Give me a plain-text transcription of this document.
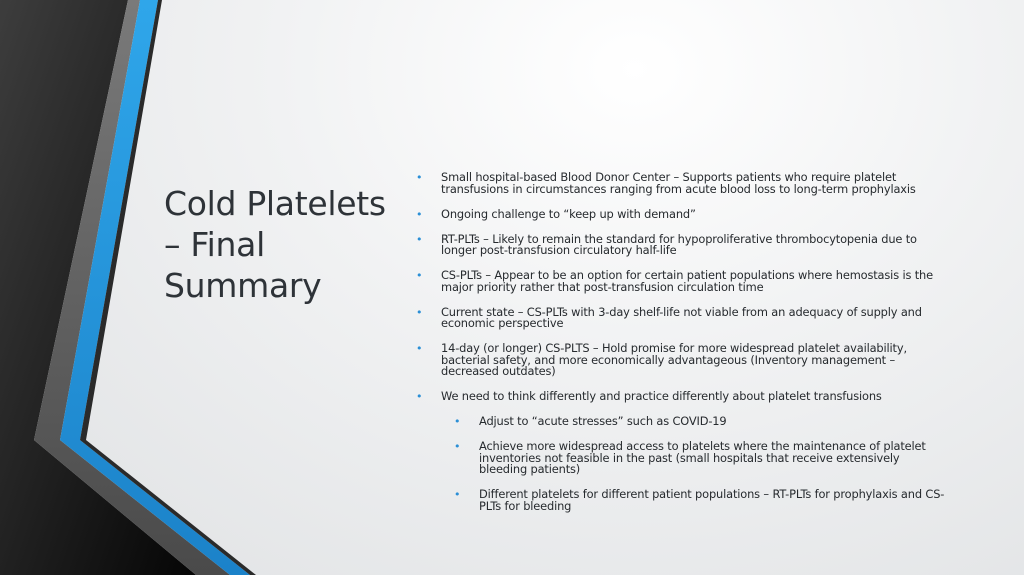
Cold Platelets – Final Summary
• Small hospital-based Blood Donor Center – Supports patients who require platelet transfusions in circumstances ranging from acute blood loss to long-term prophylaxis
• Ongoing challenge to “keep up with demand”
• RT-PLTs – Likely to remain the standard for hypoproliferative thrombocytopenia due to longer post-transfusion circulatory half-life
• CS-PLTs – Appear to be an option for certain patient populations where hemostasis is the major priority rather that post-transfusion circulation time
• Current state – CS-PLTs with 3-day shelf-life not viable from an adequacy of supply and economic perspective
• 14-day (or longer) CS-PLTS – Hold promise for more widespread platelet availability, bacterial safety, and more economically advantageous (Inventory management – decreased outdates)
• We need to think differently and practice differently about platelet transfusions
• Adjust to “acute stresses” such as COVID-19
• Achieve more widespread access to platelets where the maintenance of platelet inventories not feasible in the past (small hospitals that receive extensively bleeding patients)
• Different platelets for different patient populations – RT-PLTs for prophylaxis and CS-PLTs for bleeding
